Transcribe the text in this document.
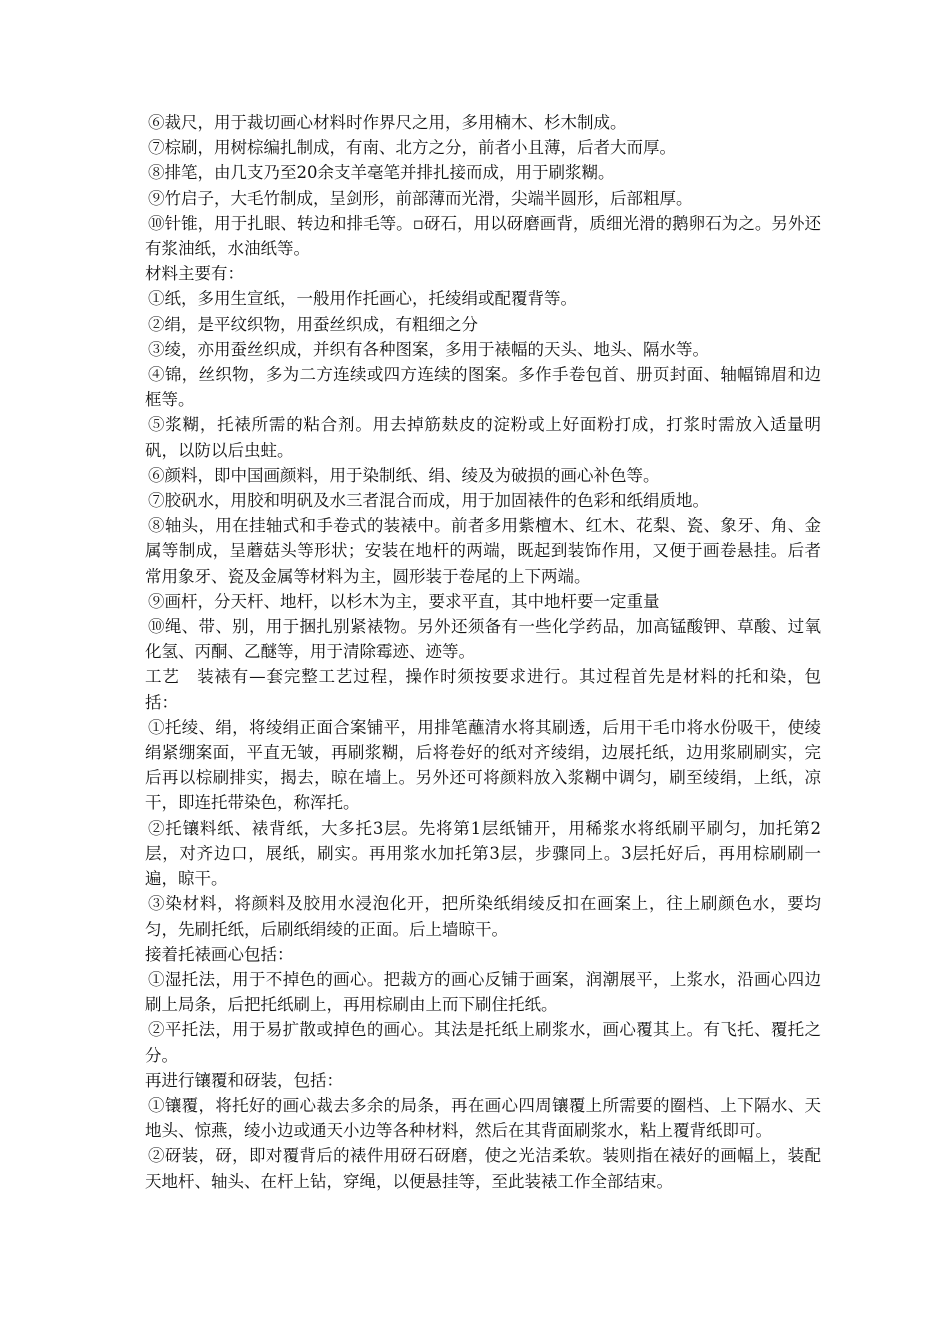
⑥裁尺，用于裁切画心材料时作界尺之用，多用楠木、杉木制成。

⑦棕刷，用树棕编扎制成，有南、北方之分，前者小且薄，后者大而厚。

⑧排笔，由几支乃至20余支羊毫笔并排扎接而成，用于刷浆糊。

⑨竹启子，大毛竹制成，呈剑形，前部薄而光滑，尖端半圆形，后部粗厚。

⑩针锥，用于扎眼、转边和排毛等。▫砑石，用以砑磨画背，质细光滑的鹅卵石为之。另外还有浆油纸，水油纸等。

材料主要有：

①纸，多用生宣纸，一般用作托画心，托绫绢或配覆背等。

②绢，是平纹织物，用蚕丝织成，有粗细之分

③绫，亦用蚕丝织成，并织有各种图案，多用于裱幅的天头、地头、隔水等。

④锦，丝织物，多为二方连续或四方连续的图案。多作手卷包首、册页封面、轴幅锦眉和边框等。

⑤浆糊，托裱所需的粘合剂。用去掉筋麸皮的淀粉或上好面粉打成，打浆时需放入适量明矾，以防以后虫蛀。

⑥颜料，即中国画颜料，用于染制纸、绢、绫及为破损的画心补色等。

⑦胶矾水，用胶和明矾及水三者混合而成，用于加固裱件的色彩和纸绢质地。

⑧轴头，用在挂轴式和手卷式的装裱中。前者多用紫檀木、红木、花梨、瓷、象牙、角、金属等制成，呈蘑菇头等形状；安装在地杆的两端，既起到装饰作用，又便于画卷悬挂。后者常用象牙、瓷及金属等材料为主，圆形装于卷尾的上下两端。

⑨画杆，分天杆、地杆，以杉木为主，要求平直，其中地杆要一定重量

⑩绳、带、别，用于捆扎别紧裱物。另外还须备有一些化学药品，加高锰酸钾、草酸、过氧化氢、丙酮、乙醚等，用于清除霉迹、迹等。

工艺　装裱有—套完整工艺过程，操作时须按要求进行。其过程首先是材料的托和染，包括：

①托绫、绢，将绫绢正面合案铺平，用排笔蘸清水将其刷透，后用干毛巾将水份吸干，使绫绢紧绷案面，平直无皱，再刷浆糊，后将卷好的纸对齐绫绢，边展托纸，边用浆刷刷实，完后再以棕刷排实，揭去，晾在墙上。另外还可将颜料放入浆糊中调匀，刷至绫绢，上纸，凉干，即连托带染色，称浑托。

②托镶料纸、裱背纸，大多托3层。先将第1层纸铺开，用稀浆水将纸刷平刷匀，加托第2层，对齐边口，展纸，刷实。再用浆水加托第3层，步骤同上。3层托好后，再用棕刷刷一遍，晾干。

③染材料，将颜料及胶用水浸泡化开，把所染纸绢绫反扣在画案上，往上刷颜色水，要均匀，先刷托纸，后刷纸绢绫的正面。后上墙晾干。

接着托裱画心包括：

①湿托法，用于不掉色的画心。把裁方的画心反铺于画案，润潮展平，上浆水，沿画心四边刷上局条，后把托纸刷上，再用棕刷由上而下刷住托纸。

②平托法，用于易扩散或掉色的画心。其法是托纸上刷浆水，画心覆其上。有飞托、覆托之分。

再进行镶覆和砑装，包括：

①镶覆，将托好的画心裁去多余的局条，再在画心四周镶覆上所需要的圈档、上下隔水、天地头、惊燕，绫小边或通天小边等各种材料，然后在其背面刷浆水，粘上覆背纸即可。

②砑装，砑，即对覆背后的裱件用砑石砑磨，使之光洁柔软。装则指在裱好的画幅上，装配天地杆、轴头、在杆上钻，穿绳，以便悬挂等，至此装裱工作全部结束。
